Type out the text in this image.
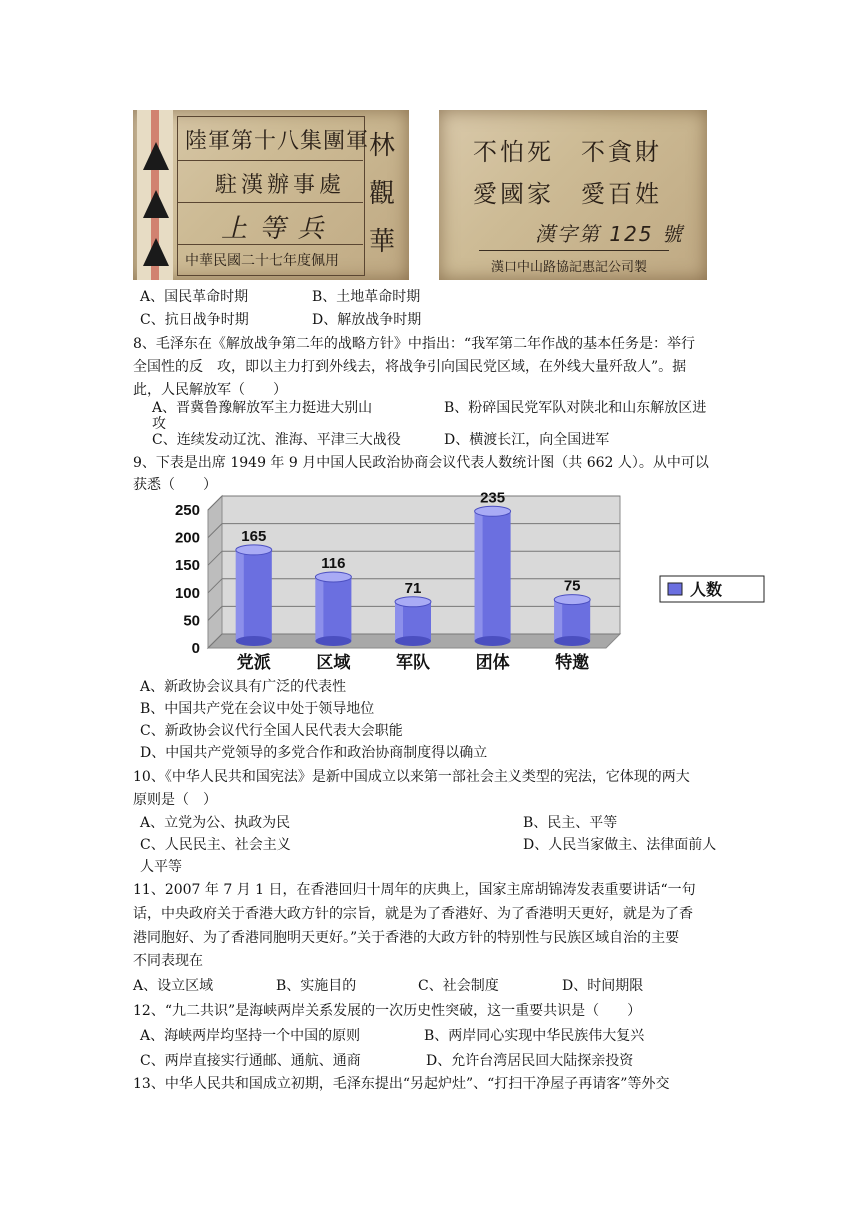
陸軍第十八集團軍
駐漢辦事處
上 等 兵
中華民國二十七年度佩用
林 觀 華
不怕死　不貪財
愛國家　愛百姓
漢字第 125 號
漢口中山路協記惠記公司製
A、国民革命时期	B、土地革命时期
C、抗日战争时期	D、解放战争时期
8、毛泽东在《解放战争第二年的战略方针》中指出：“我军第二年作战的基本任务是：举行
全国性的反　攻，即以主力打到外线去，将战争引向国民党区域，在外线大量歼敌人”。据
此，人民解放军（　　）
A、晋冀鲁豫解放军主力挺进大别山	B、粉碎国民党军队对陕北和山东解放区进
攻
C、连续发动辽沈、淮海、平津三大战役	D、横渡长江，向全国进军
9、下表是出席 1949 年 9 月中国人民政治协商会议代表人数统计图（共 662 人）。从中可以
获悉（　　）
0
50
100
150
200
250
165
党派
116
区域
71
军队
235
团体
75
特邀
人数
A、新政协会议具有广泛的代表性
B、中国共产党在会议中处于领导地位
C、新政协会议代行全国人民代表大会职能
D、中国共产党领导的多党合作和政治协商制度得以确立
10、《中华人民共和国宪法》是新中国成立以来第一部社会主义类型的宪法，它体现的两大
原则是（　）
A、立党为公、执政为民	B、民主、平等
C、人民民主、社会主义	D、人民当家做主、法律面前人
人平等
11、2007 年 7 月 1 日，在香港回归十周年的庆典上，国家主席胡锦涛发表重要讲话“一句
话，中央政府关于香港大政方针的宗旨，就是为了香港好、为了香港明天更好，就是为了香
港同胞好、为了香港同胞明天更好。”关于香港的大政方针的特别性与民族区域自治的主要
不同表现在
A、设立区域	B、实施目的	C、社会制度	D、时间期限
12、“九二共识”是海峡两岸关系发展的一次历史性突破，这一重要共识是（　　）
A、海峡两岸均坚持一个中国的原则	B、两岸同心实现中华民族伟大复兴
C、两岸直接实行通邮、通航、通商	D、允许台湾居民回大陆探亲投资
13、中华人民共和国成立初期，毛泽东提出“另起炉灶”、“打扫干净屋子再请客”等外交
